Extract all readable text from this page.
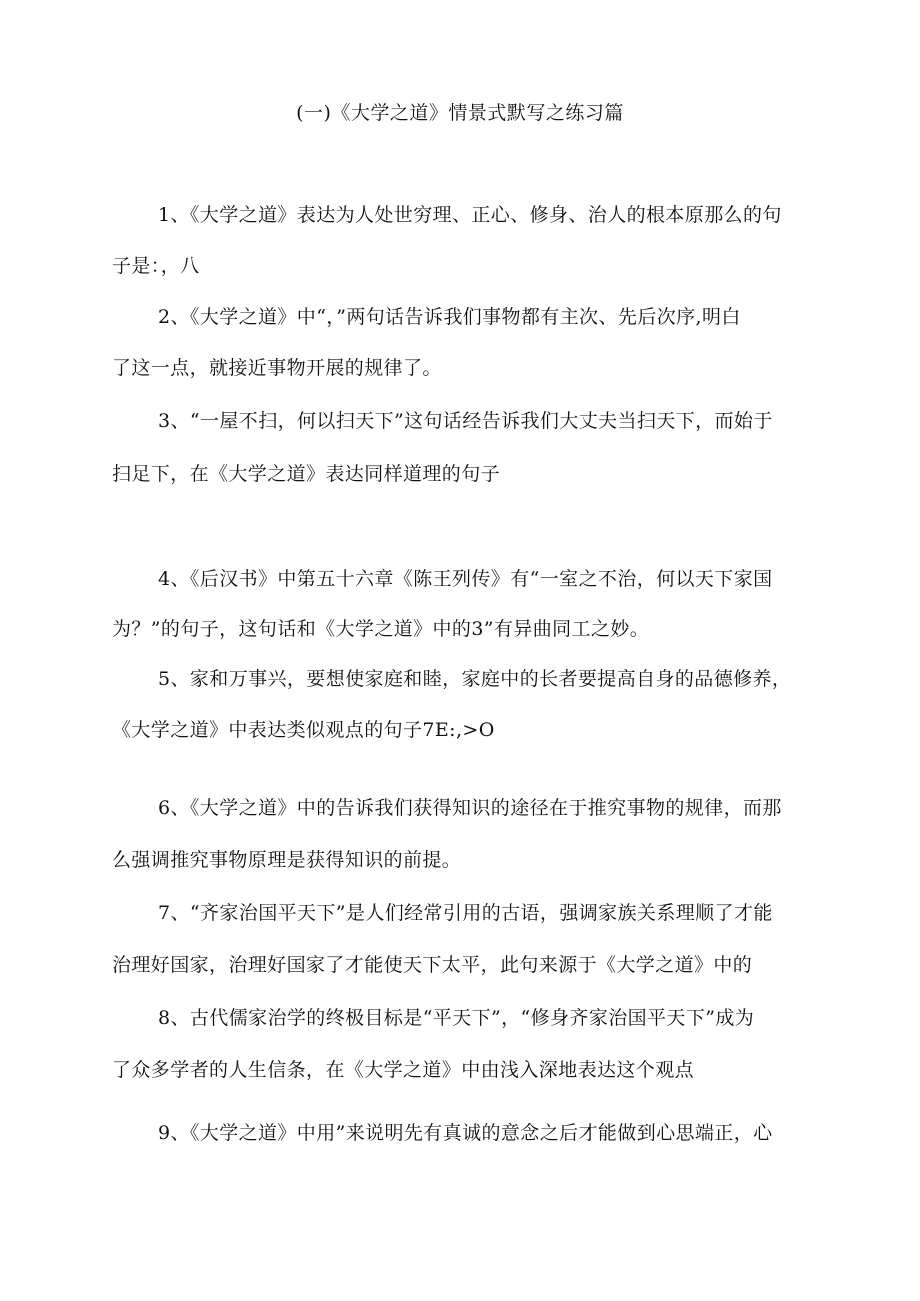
(一)《大学之道》情景式默写之练习篇
1、《大学之道》表达为人处世穷理、正心、修身、治人的根本原那么的句
子是：，八
2、《大学之道》中“，”两句话告诉我们事物都有主次、先后次序,明白
了这一点，就接近事物开展的规律了。
3、“一屋不扫，何以扫天下”这句话经告诉我们大丈夫当扫天下，而始于
扫足下，在《大学之道》表达同样道理的句子
4、《后汉书》中第五十六章《陈王列传》有“一室之不治，何以天下家国
为？”的句子，这句话和《大学之道》中的3”有异曲同工之妙。
5、家和万事兴，要想使家庭和睦，家庭中的长者要提高自身的品德修养，
《大学之道》中表达类似观点的句子7E:,>O
6、《大学之道》中的告诉我们获得知识的途径在于推究事物的规律，而那
么强调推究事物原理是获得知识的前提。
7、“齐家治国平天下”是人们经常引用的古语，强调家族关系理顺了才能
治理好国家，治理好国家了才能使天下太平，此句来源于《大学之道》中的
8、古代儒家治学的终极目标是“平天下”，“修身齐家治国平天下”成为
了众多学者的人生信条，在《大学之道》中由浅入深地表达这个观点
9、《大学之道》中用”来说明先有真诚的意念之后才能做到心思端正，心
